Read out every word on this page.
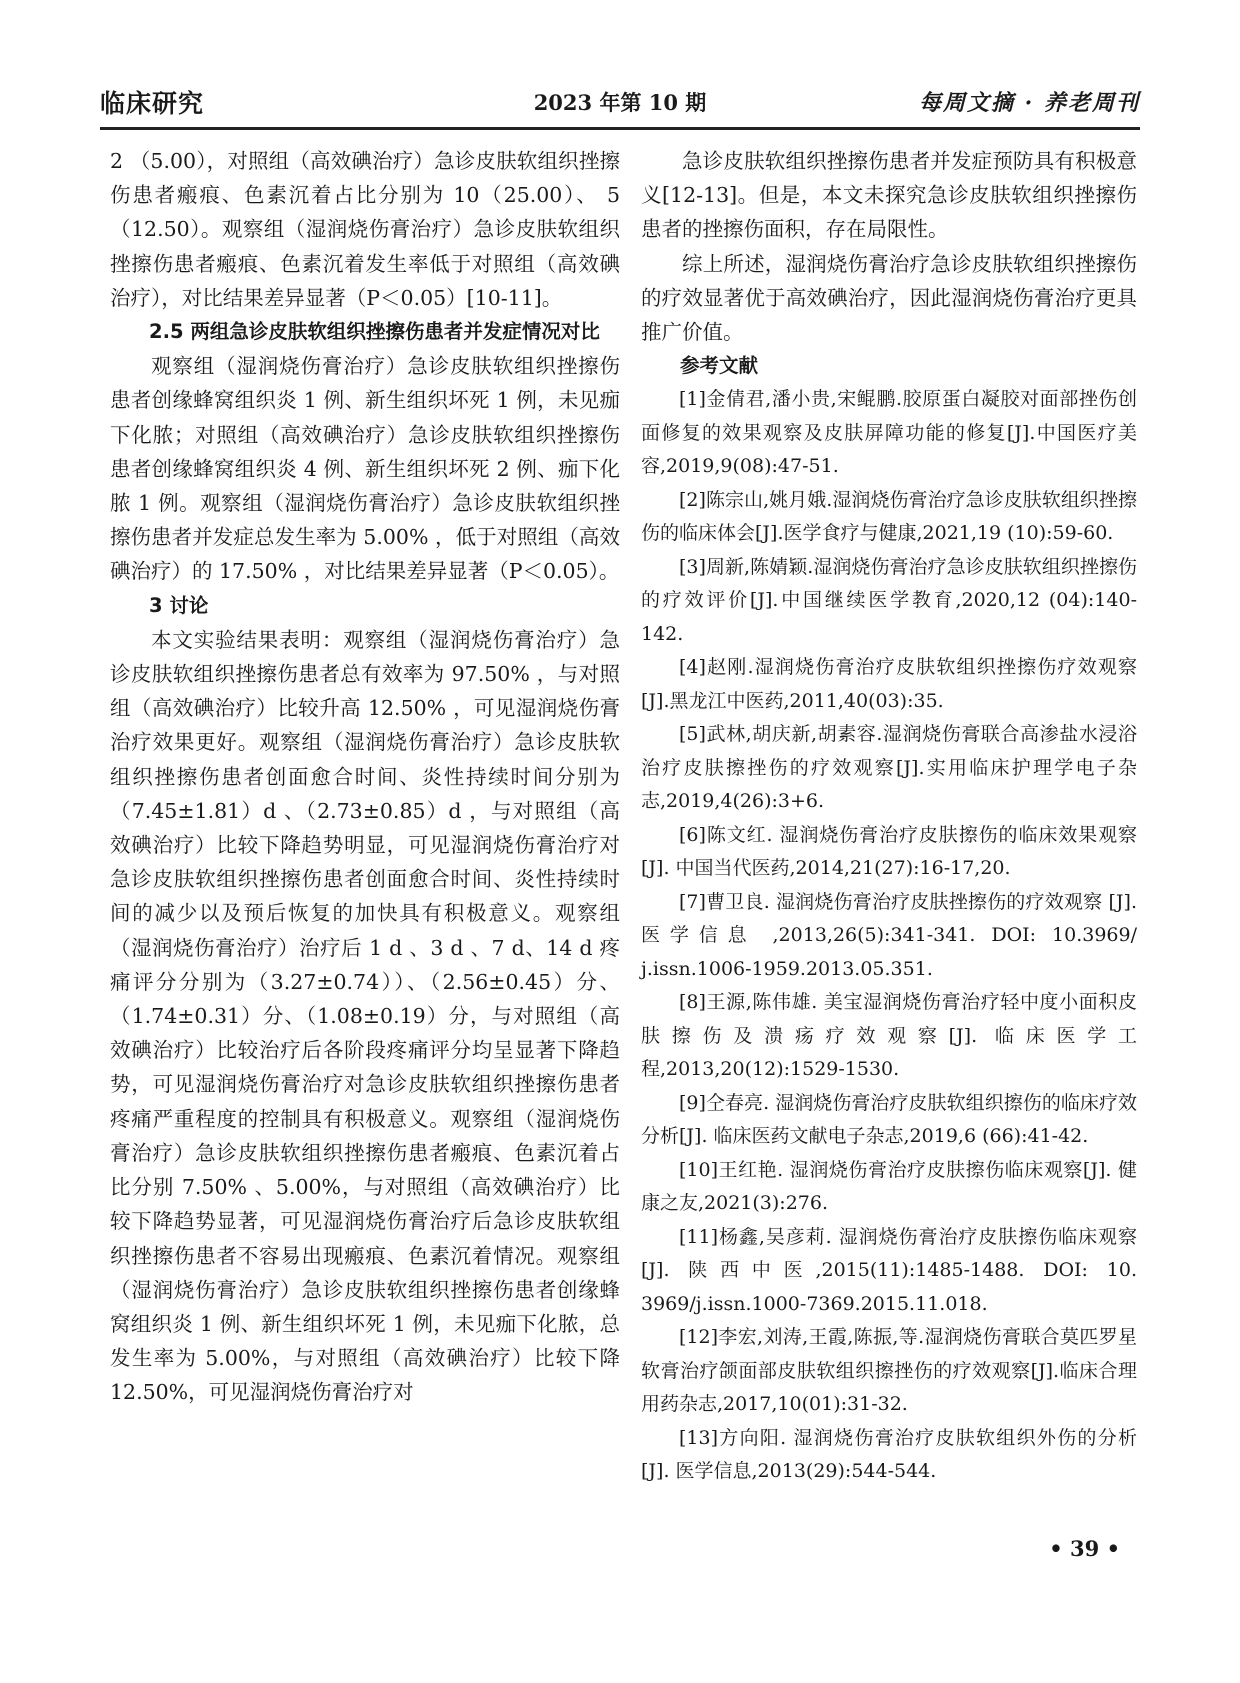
临床研究	2023 年第 10 期	每周文摘 · 养老周刊

2 （5.00），对照组（高效碘治疗）急诊皮肤软组织挫擦伤患者瘢痕、色素沉着占比分别为 10（25.00）、 5 （12.50）。观察组（湿润烧伤膏治疗）急诊皮肤软组织挫擦伤患者瘢痕、色素沉着发生率低于对照组（高效碘治疗），对比结果差异显著（P＜0.05）[10-11]。

2.5 两组急诊皮肤软组织挫擦伤患者并发症情况对比

观察组（湿润烧伤膏治疗）急诊皮肤软组织挫擦伤患者创缘蜂窝组织炎 1 例、新生组织坏死 1 例，未见痂下化脓；对照组（高效碘治疗）急诊皮肤软组织挫擦伤患者创缘蜂窝组织炎 4 例、新生组织坏死 2 例、痂下化脓 1 例。观察组（湿润烧伤膏治疗）急诊皮肤软组织挫擦伤患者并发症总发生率为 5.00% ，低于对照组（高效碘治疗）的 17.50% ，对比结果差异显著（P＜0.05）。

3 讨论

本文实验结果表明：观察组（湿润烧伤膏治疗）急诊皮肤软组织挫擦伤患者总有效率为 97.50% ，与对照组（高效碘治疗）比较升高 12.50% ，可见湿润烧伤膏治疗效果更好。观察组（湿润烧伤膏治疗）急诊皮肤软组织挫擦伤患者创面愈合时间、炎性持续时间分别为（7.45±1.81）d 、（2.73±0.85）d ，与对照组（高效碘治疗）比较下降趋势明显，可见湿润烧伤膏治疗对急诊皮肤软组织挫擦伤患者创面愈合时间、炎性持续时间的减少以及预后恢复的加快具有积极意义。观察组（湿润烧伤膏治疗）治疗后 1 d 、3 d 、7 d、14 d 疼痛评分分别为（3.27±0.74））、（2.56±0.45）分、（1.74±0.31）分、（1.08±0.19）分，与对照组（高效碘治疗）比较治疗后各阶段疼痛评分均呈显著下降趋势，可见湿润烧伤膏治疗对急诊皮肤软组织挫擦伤患者疼痛严重程度的控制具有积极意义。观察组（湿润烧伤膏治疗）急诊皮肤软组织挫擦伤患者瘢痕、色素沉着占比分别 7.50% 、5.00%，与对照组（高效碘治疗）比较下降趋势显著，可见湿润烧伤膏治疗后急诊皮肤软组织挫擦伤患者不容易出现瘢痕、色素沉着情况。观察组（湿润烧伤膏治疗）急诊皮肤软组织挫擦伤患者创缘蜂窝组织炎 1 例、新生组织坏死 1 例，未见痂下化脓，总发生率为 5.00%，与对照组（高效碘治疗）比较下降 12.50%，可见湿润烧伤膏治疗对

急诊皮肤软组织挫擦伤患者并发症预防具有积极意义[12-13]。但是，本文未探究急诊皮肤软组织挫擦伤患者的挫擦伤面积，存在局限性。

综上所述，湿润烧伤膏治疗急诊皮肤软组织挫擦伤的疗效显著优于高效碘治疗，因此湿润烧伤膏治疗更具推广价值。

参考文献

[1]金倩君,潘小贵,宋鲲鹏.胶原蛋白凝胶对面部挫伤创面修复的效果观察及皮肤屏障功能的修复[J].中国医疗美容,2019,9(08):47-51.

[2]陈宗山,姚月娥.湿润烧伤膏治疗急诊皮肤软组织挫擦伤的临床体会[J].医学食疗与健康,2021,19 (10):59-60.

[3]周新,陈婧颖.湿润烧伤膏治疗急诊皮肤软组织挫擦伤的疗效评价[J].中国继续医学教育,2020,12 (04):140-142.

[4]赵刚.湿润烧伤膏治疗皮肤软组织挫擦伤疗效观察[J].黑龙江中医药,2011,40(03):35.

[5]武林,胡庆新,胡素容.湿润烧伤膏联合高渗盐水浸浴治疗皮肤擦挫伤的疗效观察[J].实用临床护理学电子杂志,2019,4(26):3+6.

[6]陈文红. 湿润烧伤膏治疗皮肤擦伤的临床效果观察[J]. 中国当代医药,2014,21(27):16-17,20.

[7]曹卫良. 湿润烧伤膏治疗皮肤挫擦伤的疗效观察 [J]. 医学信息 ,2013,26(5):341-341. DOI: 10.3969/ j.issn.1006-1959.2013.05.351.

[8]王源,陈伟雄. 美宝湿润烧伤膏治疗轻中度小面积皮肤擦伤及溃疡疗效观察[J]. 临床医学工程,2013,20(12):1529-1530.

[9]仝春亮. 湿润烧伤膏治疗皮肤软组织擦伤的临床疗效分析[J]. 临床医药文献电子杂志,2019,6 (66):41-42.

[10]王红艳. 湿润烧伤膏治疗皮肤擦伤临床观察[J]. 健康之友,2021(3):276.

[11]杨鑫,吴彦莉. 湿润烧伤膏治疗皮肤擦伤临床观察[J]. 陕西中医,2015(11):1485-1488. DOI: 10. 3969/j.issn.1000-7369.2015.11.018.

[12]李宏,刘涛,王霞,陈振,等.湿润烧伤膏联合莫匹罗星软膏治疗颌面部皮肤软组织擦挫伤的疗效观察[J].临床合理用药杂志,2017,10(01):31-32.

[13]方向阳. 湿润烧伤膏治疗皮肤软组织外伤的分析[J]. 医学信息,2013(29):544-544.

• 39 •
